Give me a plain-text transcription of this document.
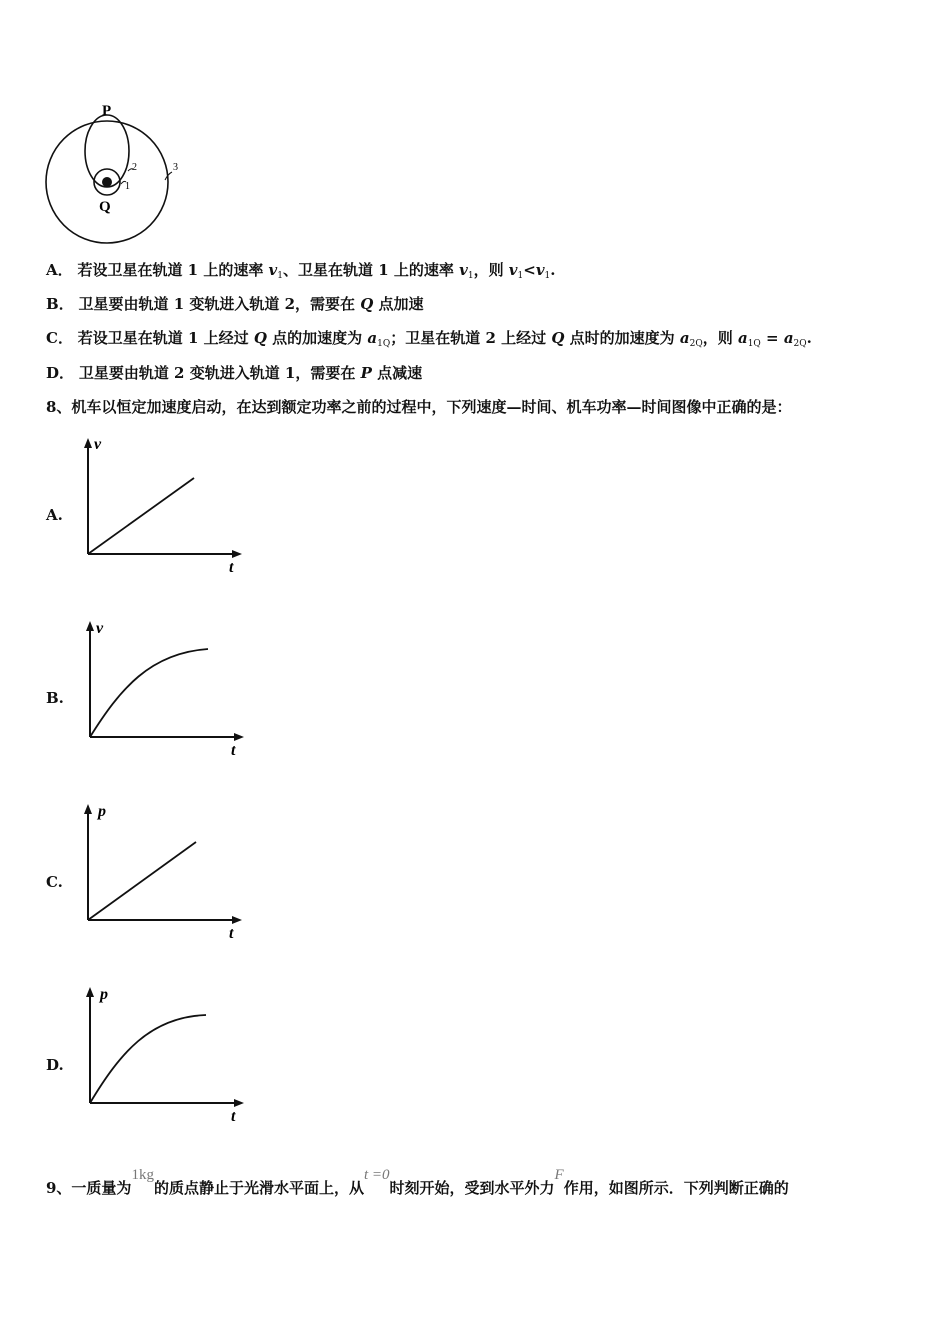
P
Q
1
2	3
A． 若设卫星在轨道 1 上的速率 $v_1$、卫星在轨道 1 上的速率 $v_1$，则 $v_1<v_1$.
B． 卫星要由轨道 1 变轨进入轨道 2，需要在 Q 点加速
C． 若设卫星在轨道 1 上经过 Q 点的加速度为 $a_{1Q}$；卫星在轨道 2 上经过 Q 点时的加速度为 $a_{2Q}$，则 $a_{1Q} = a_{2Q}$.
D． 卫星要由轨道 2 变轨进入轨道 1，需要在 P 点减速
8、机车以恒定加速度启动，在达到额定功率之前的过程中，下列速度—时间、机车功率—时间图像中正确的是：
A.
v
t
B.
v
t
C.
p
t
D.
p
t
9、一质量为1kg的质点静止于光滑水平面上，从t =0时刻开始，受到水平外力F作用，如图所示．下列判断正确的
